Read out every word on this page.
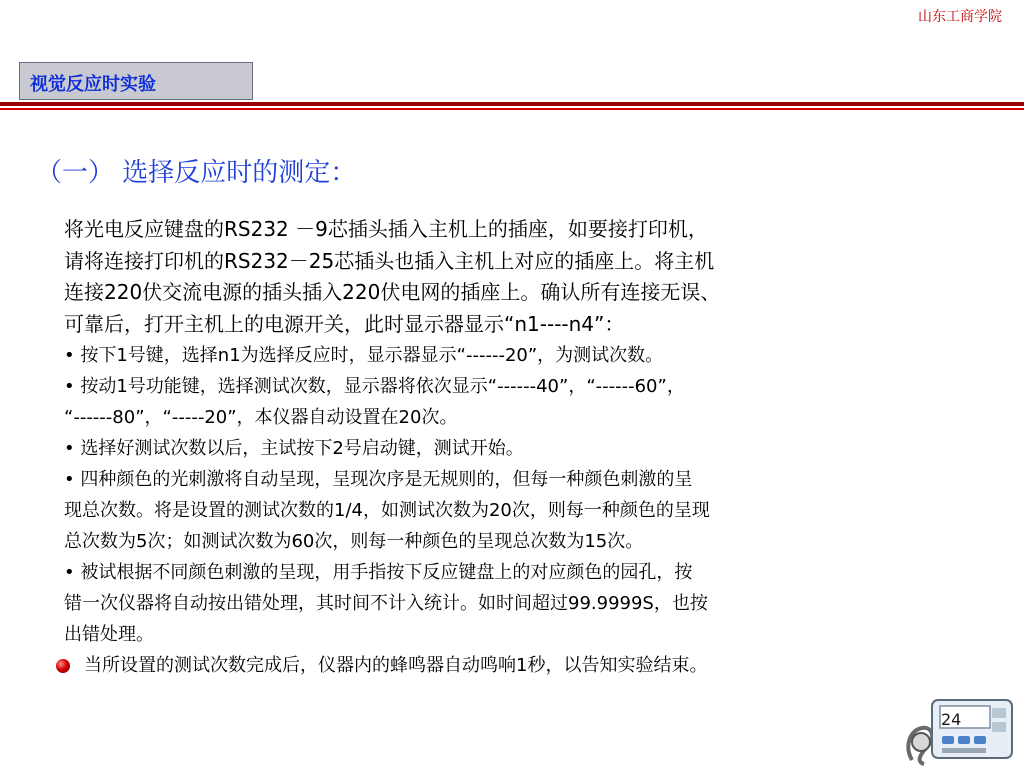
山东工商学院
视觉反应时实验
（一） 选择反应时的测定：

将光电反应键盘的RS232 －9芯插头插入主机上的插座，如要接打印机，

请将连接打印机的RS232－25芯插头也插入主机上对应的插座上。将主机

连接220伏交流电源的插头插入220伏电网的插座上。确认所有连接无误、

可靠后，打开主机上的电源开关，此时显示器显示“n1----n4”：

• 按下1号键，选择n1为选择反应时，显示器显示“------20”，为测试次数。

• 按动1号功能键，选择测试次数，显示器将依次显示“------40”，“------60”，

“------80”，“-----20”，本仪器自动设置在20次。

• 选择好测试次数以后，主试按下2号启动键，测试开始。

• 四种颜色的光刺激将自动呈现，呈现次序是无规则的，但每一种颜色刺激的呈

现总次数。将是设置的测试次数的1/4，如测试次数为20次，则每一种颜色的呈现

总次数为5次；如测试次数为60次，则每一种颜色的呈现总次数为15次。

• 被试根据不同颜色刺激的呈现，用手指按下反应键盘上的对应颜色的园孔，按

错一次仪器将自动按出错处理，其时间不计入统计。如时间超过99.9999S，也按

出错处理。

当所设置的测试次数完成后，仪器内的蜂鸣器自动鸣响1秒，以告知实验结束。
24
